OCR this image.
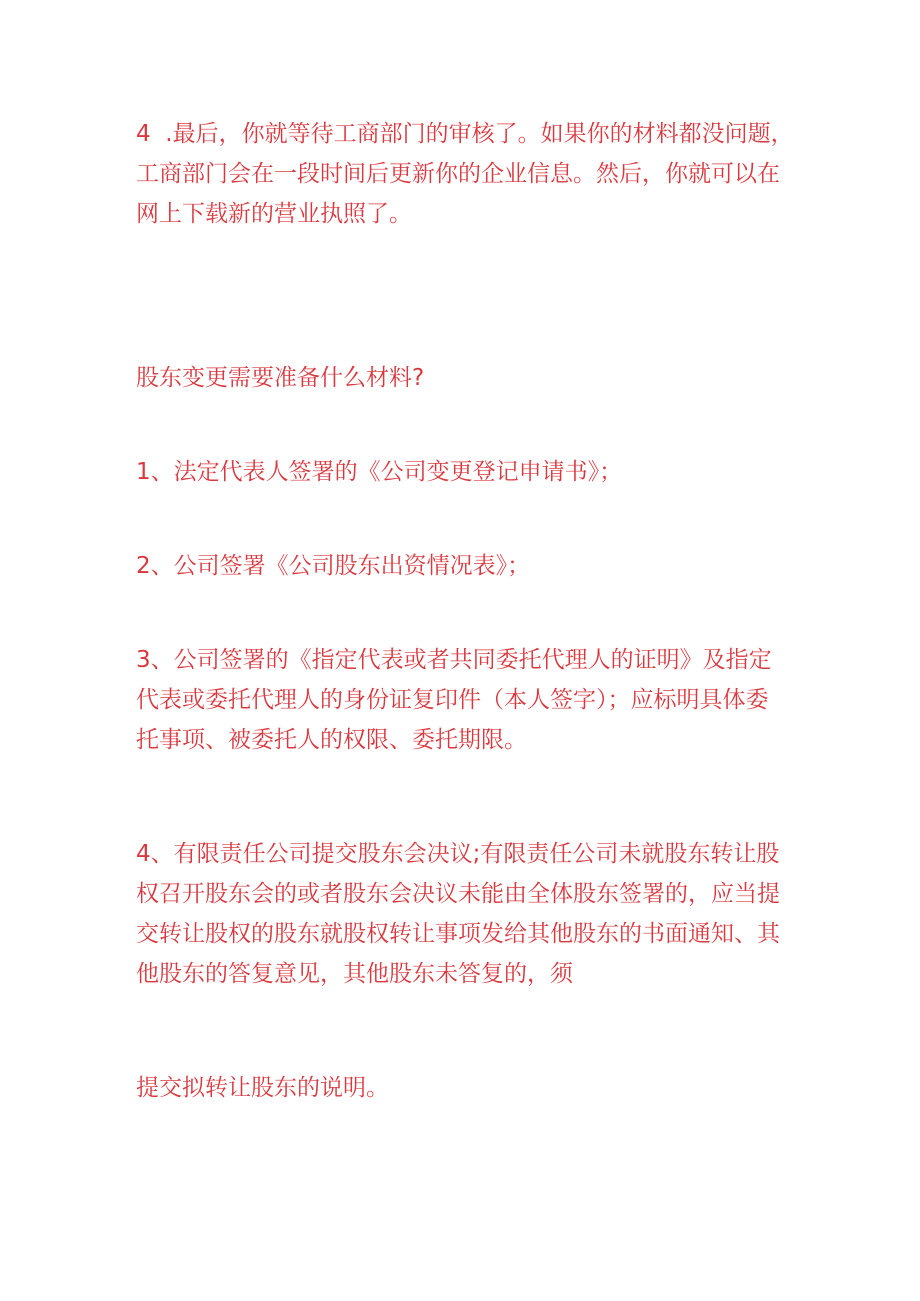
4  .最后，你就等待工商部门的审核了。如果你的材料都没问题，
工商部门会在一段时间后更新你的企业信息。然后，你就可以在
网上下载新的营业执照了。

股东变更需要准备什么材料?

1、法定代表人签署的《公司变更登记申请书》；

2、公司签署《公司股东出资情况表》；

3、公司签署的《指定代表或者共同委托代理人的证明》及指定
代表或委托代理人的身份证复印件（本人签字）；应标明具体委
托事项、被委托人的权限、委托期限。

4、有限责任公司提交股东会决议;有限责任公司未就股东转让股
权召开股东会的或者股东会决议未能由全体股东签署的，应当提
交转让股权的股东就股权转让事项发给其他股东的书面通知、其
他股东的答复意见，其他股东未答复的，须

提交拟转让股东的说明。
